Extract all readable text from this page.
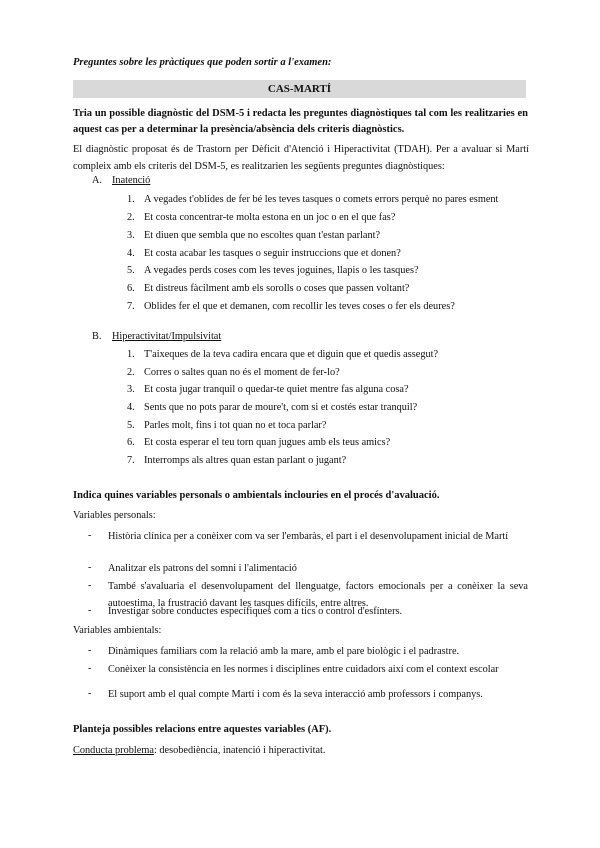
Preguntes sobre les pràctiques que poden sortir a l'examen:
CAS-MARTÍ
Tria un possible diagnòstic del DSM-5 i redacta les preguntes diagnòstiques tal com les realitzaries en aquest cas per a determinar la presència/absència dels criteris diagnòstics.
El diagnòstic proposat és de Trastorn per Dèficit d'Atenció i Hiperactivitat (TDAH). Per a avaluar si Martí compleix amb els criteris del DSM-5, es realitzarien les següents preguntes diagnòstiques:
A. Inatenció
1. A vegades t'oblides de fer bé les teves tasques o comets errors perquè no pares esment
2. Et costa concentrar-te molta estona en un joc o en el que fas?
3. Et diuen que sembla que no escoltes quan t'estan parlant?
4. Et costa acabar les tasques o seguir instruccions que et donen?
5. A vegades perds coses com les teves joguines, llapis o les tasques?
6. Et distreus fàcilment amb els sorolls o coses que passen voltant?
7. Oblides fer el que et demanen, com recollir les teves coses o fer els deures?
B. Hiperactivitat/Impulsivitat
1. T'aixeques de la teva cadira encara que et diguin que et quedis assegut?
2. Corres o saltes quan no és el moment de fer-lo?
3. Et costa jugar tranquil o quedar-te quiet mentre fas alguna cosa?
4. Sents que no pots parar de moure't, com si et costés estar tranquil?
5. Parles molt, fins i tot quan no et toca parlar?
6. Et costa esperar el teu torn quan jugues amb els teus amics?
7. Interromps als altres quan estan parlant o jugant?
Indica quines variables personals o ambientals inclouries en el procés d'avaluació.
Variables personals:
- Història clínica per a conèixer com va ser l'embaràs, el part i el desenvolupament inicial de Martí
- Analitzar els patrons del somni i l'alimentació
- També s'avaluaria el desenvolupament del llenguatge, factors emocionals per a conèixer la seva autoestima, la frustració davant les tasques difícils, entre altres.
- Investigar sobre conductes específiques com a tics o control d'esfínters.
Variables ambientals:
- Dinàmiques familiars com la relació amb la mare, amb el pare biològic i el padrastre.
- Conèixer la consistència en les normes i disciplines entre cuidadors així com el context escolar
- El suport amb el qual compte Martí i com és la seva interacció amb professors i companys.
Planteja possibles relacions entre aquestes variables (AF).
Conducta problema: desobediència, inatenció i hiperactivitat.
